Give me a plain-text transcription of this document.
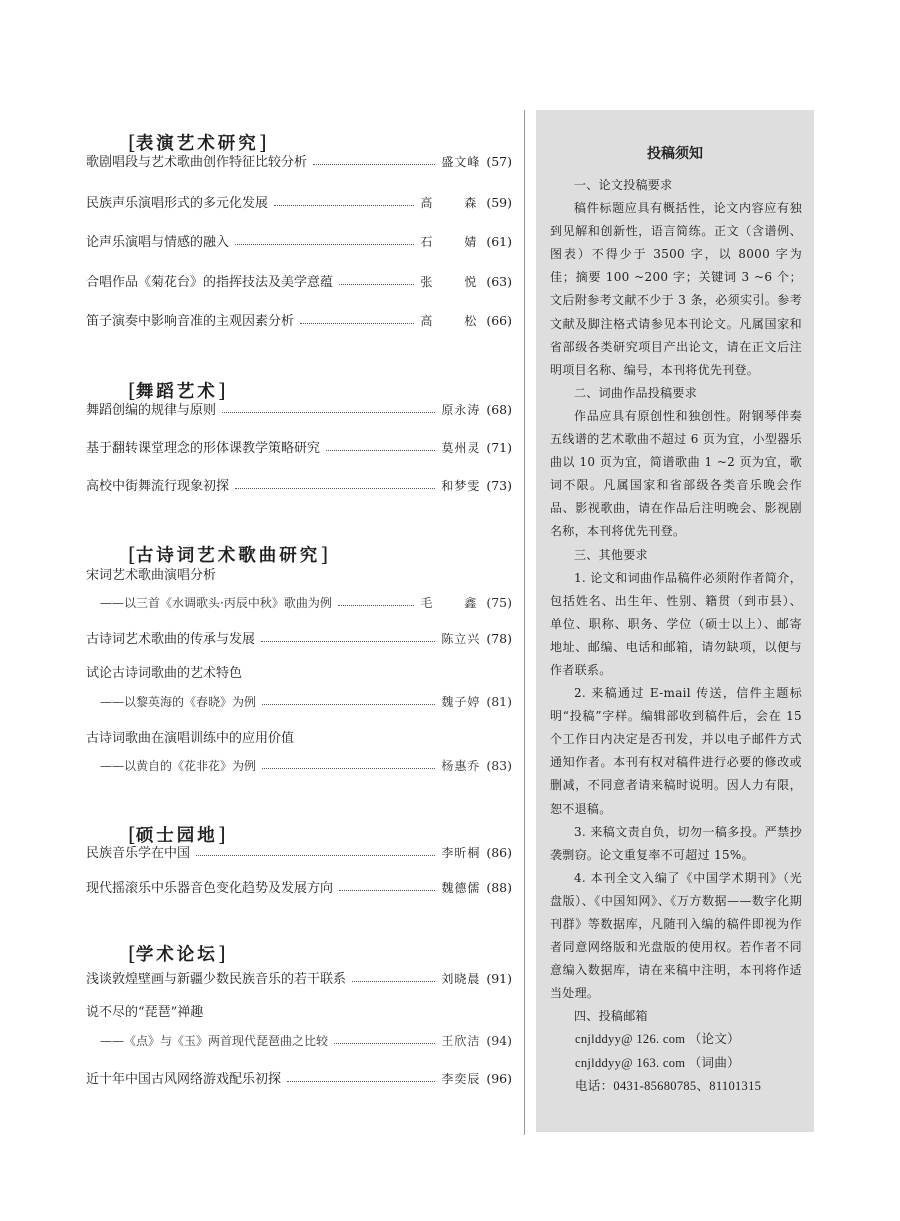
[表演艺术研究]
歌剧唱段与艺术歌曲创作特征比较分析	盛文峰 (57)
民族声乐演唱形式的多元化发展	高　森 (59)
论声乐演唱与情感的融入	石　婧 (61)
合唱作品《菊花台》的指挥技法及美学意蕴	张　悦 (63)
笛子演奏中影响音准的主观因素分析	高　松 (66)
[舞蹈艺术]
舞蹈创编的规律与原则	原永涛 (68)
基于翻转课堂理念的形体课教学策略研究	莫州灵 (71)
高校中街舞流行现象初探	和梦雯 (73)
[古诗词艺术歌曲研究]
宋词艺术歌曲演唱分析
——以三首《水调歌头·丙辰中秋》歌曲为例	毛　鑫 (75)
古诗词艺术歌曲的传承与发展	陈立兴 (78)
试论古诗词歌曲的艺术特色
——以黎英海的《春晓》为例	魏子婷 (81)
古诗词歌曲在演唱训练中的应用价值
——以黄自的《花非花》为例	杨惠乔 (83)
[硕士园地]
民族音乐学在中国	李昕桐 (86)
现代摇滚乐中乐器音色变化趋势及发展方向	魏德儒 (88)
[学术论坛]
浅谈敦煌壁画与新疆少数民族音乐的若干联系	刘晓晨 (91)
说不尽的“琵琶”禅趣
——《点》与《玉》两首现代琵琶曲之比较	王欣洁 (94)
近十年中国古风网络游戏配乐初探	李奕辰 (96)
投稿须知

一、论文投稿要求

稿件标题应具有概括性，论文内容应有独到见解和创新性，语言简练。正文（含谱例、图表）不得少于 3500 字，以 8000 字为佳；摘要 100 ~200 字；关键词 3 ~6 个；文后附参考文献不少于 3 条，必须实引。参考文献及脚注格式请参见本刊论文。凡属国家和省部级各类研究项目产出论文，请在正文后注明项目名称、编号，本刊将优先刊登。

二、词曲作品投稿要求

作品应具有原创性和独创性。附钢琴伴奏五线谱的艺术歌曲不超过 6 页为宜，小型器乐曲以 10 页为宜，简谱歌曲 1 ~2 页为宜，歌词不限。凡属国家和省部级各类音乐晚会作品、影视歌曲，请在作品后注明晚会、影视剧名称，本刊将优先刊登。

三、其他要求

1. 论文和词曲作品稿件必须附作者简介，包括姓名、出生年、性别、籍贯（到市县）、单位、职称、职务、学位（硕士以上）、邮寄地址、邮编、电话和邮箱，请勿缺项，以便与作者联系。

2. 来稿通过 E-mail 传送，信件主题标明“投稿”字样。编辑部收到稿件后，会在 15 个工作日内决定是否刊发，并以电子邮件方式通知作者。本刊有权对稿件进行必要的修改或删减，不同意者请来稿时说明。因人力有限，恕不退稿。

3. 来稿文责自负，切勿一稿多投。严禁抄袭剽窃。论文重复率不可超过 15%。

4. 本刊全文入编了《中国学术期刊》（光盘版）、《中国知网》、《万方数据——数字化期刊群》等数据库，凡随刊入编的稿件即视为作者同意网络版和光盘版的使用权。若作者不同意编入数据库，请在来稿中注明，本刊将作适当处理。

四、投稿邮箱

cnjlddyy@ 126. com （论文）

cnjlddyy@ 163. com （词曲）

电话：0431-85680785、81101315
